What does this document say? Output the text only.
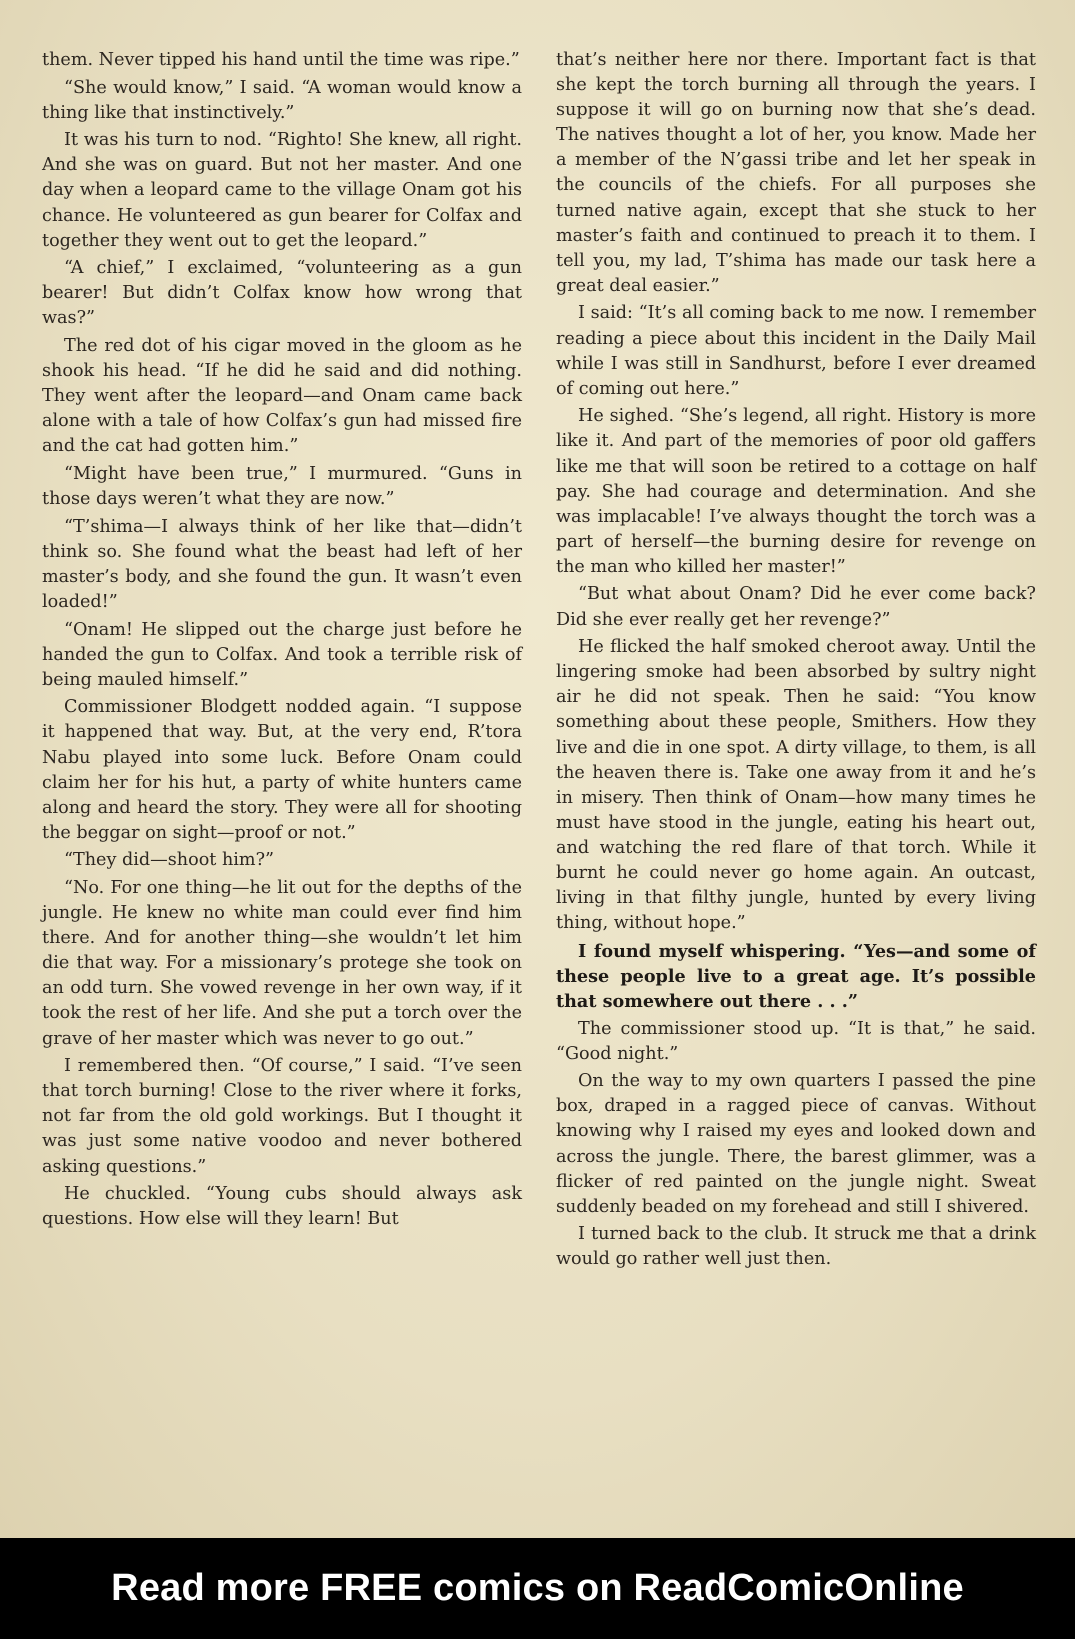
them. Never tipped his hand until the time was ripe.”

“She would know,” I said. “A woman would know a thing like that instinctively.”

It was his turn to nod. “Righto! She knew, all right. And she was on guard. But not her master. And one day when a leopard came to the village Onam got his chance. He volunteered as gun bearer for Colfax and together they went out to get the leopard.”

“A chief,” I exclaimed, “volunteering as a gun bearer! But didn’t Colfax know how wrong that was?”

The red dot of his cigar moved in the gloom as he shook his head. “If he did he said and did nothing. They went after the leopard—and Onam came back alone with a tale of how Colfax’s gun had missed fire and the cat had gotten him.”

“Might have been true,” I murmured. “Guns in those days weren’t what they are now.”

“T’shima—I always think of her like that—didn’t think so. She found what the beast had left of her master’s body, and she found the gun. It wasn’t even loaded!”

“Onam! He slipped out the charge just before he handed the gun to Colfax. And took a terrible risk of being mauled himself.”

Commissioner Blodgett nodded again. “I suppose it happened that way. But, at the very end, R’tora Nabu played into some luck. Before Onam could claim her for his hut, a party of white hunters came along and heard the story. They were all for shooting the beggar on sight—proof or not.”

“They did—shoot him?”

“No. For one thing—he lit out for the depths of the jungle. He knew no white man could ever find him there. And for another thing—she wouldn’t let him die that way. For a missionary’s protege she took on an odd turn. She vowed revenge in her own way, if it took the rest of her life. And she put a torch over the grave of her master which was never to go out.”

I remembered then. “Of course,” I said. “I’ve seen that torch burning! Close to the river where it forks, not far from the old gold workings. But I thought it was just some native voodoo and never bothered asking questions.”

He chuckled. “Young cubs should always ask questions. How else will they learn! But

that’s neither here nor there. Important fact is that she kept the torch burning all through the years. I suppose it will go on burning now that she’s dead. The natives thought a lot of her, you know. Made her a member of the N’gassi tribe and let her speak in the councils of the chiefs. For all purposes she turned native again, except that she stuck to her master’s faith and continued to preach it to them. I tell you, my lad, T’shima has made our task here a great deal easier.”

I said: “It’s all coming back to me now. I remember reading a piece about this incident in the Daily Mail while I was still in Sandhurst, before I ever dreamed of coming out here.”

He sighed. “She’s legend, all right. History is more like it. And part of the memories of poor old gaffers like me that will soon be retired to a cottage on half pay. She had courage and determination. And she was implacable! I’ve always thought the torch was a part of herself—the burning desire for revenge on the man who killed her master!”

“But what about Onam? Did he ever come back? Did she ever really get her revenge?”

He flicked the half smoked cheroot away. Until the lingering smoke had been absorbed by sultry night air he did not speak. Then he said: “You know something about these people, Smithers. How they live and die in one spot. A dirty village, to them, is all the heaven there is. Take one away from it and he’s in misery. Then think of Onam—how many times he must have stood in the jungle, eating his heart out, and watching the red flare of that torch. While it burnt he could never go home again. An outcast, living in that filthy jungle, hunted by every living thing, without hope.”

I found myself whispering. “Yes—and some of these people live to a great age. It’s possible that somewhere out there . . .”

The commissioner stood up. “It is that,” he said. “Good night.”

On the way to my own quarters I passed the pine box, draped in a ragged piece of canvas. Without knowing why I raised my eyes and looked down and across the jungle. There, the barest glimmer, was a flicker of red painted on the jungle night. Sweat suddenly beaded on my forehead and still I shivered.

I turned back to the club. It struck me that a drink would go rather well just then.

Read more FREE comics on ReadComicOnline
